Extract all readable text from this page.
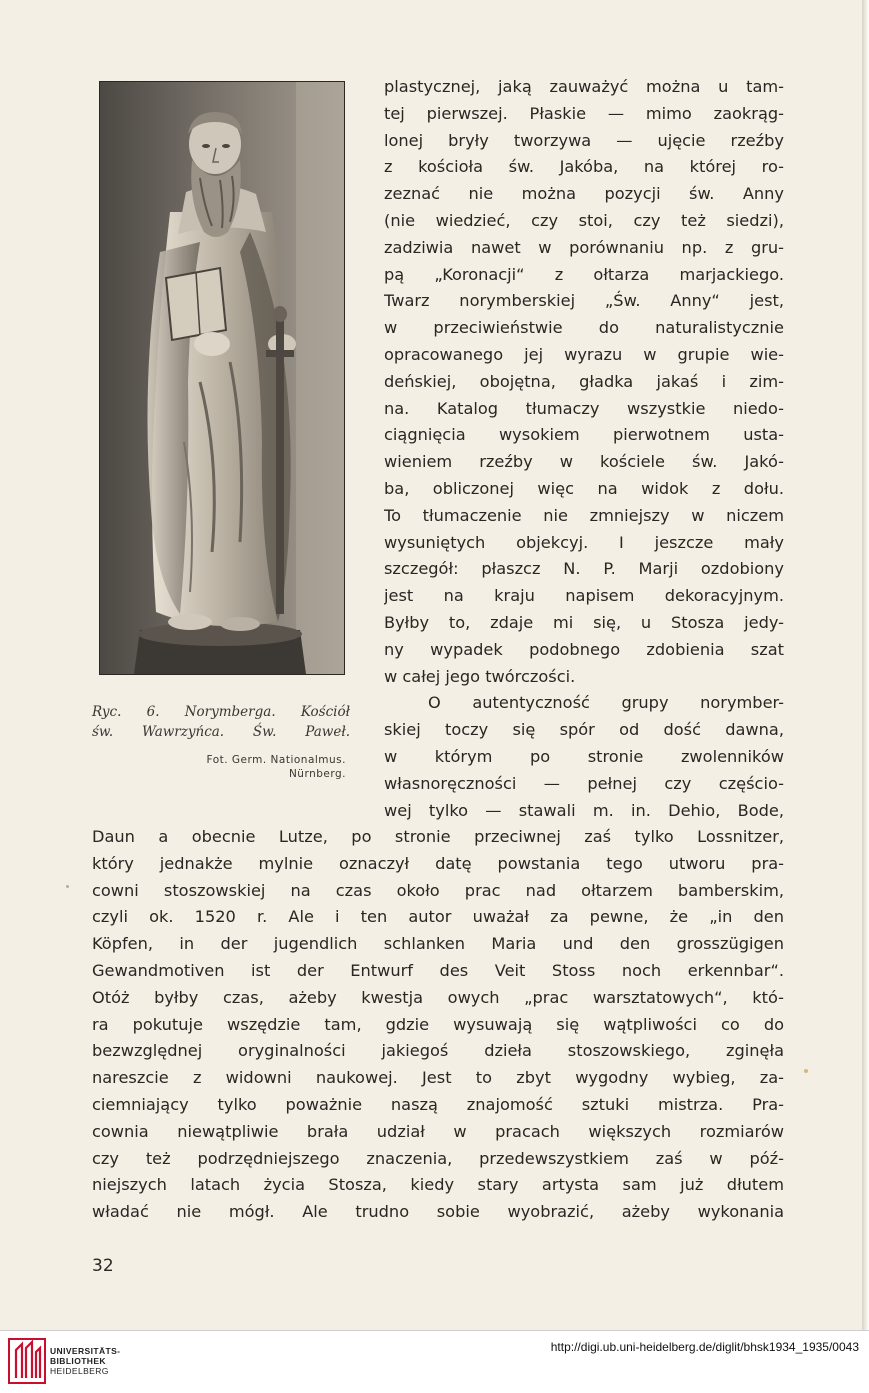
Ryc. 6. Norymberga. Kościół
św. Wawrzyńca. Św. Paweł.
Fot. Germ. Nationalmus.
Nürnberg.
plastycznej, jaką zauważyć można u tam-
tej pierwszej. Płaskie — mimo zaokrąg-
lonej bryły tworzywa — ujęcie rzeźby
z kościoła św. Jakóba, na której ro-
zeznać nie można pozycji św. Anny
(nie wiedzieć, czy stoi, czy też siedzi),
zadziwia nawet w porównaniu np. z gru-
pą „Koronacji“ z ołtarza marjackiego.
Twarz norymberskiej „Św. Anny“ jest,
w przeciwieństwie do naturalistycznie
opracowanego jej wyrazu w grupie wie-
deńskiej, obojętna, gładka jakaś i zim-
na. Katalog tłumaczy wszystkie niedo-
ciągnięcia wysokiem pierwotnem usta-
wieniem rzeźby w kościele św. Jakó-
ba, obliczonej więc na widok z dołu.
To tłumaczenie nie zmniejszy w niczem
wysuniętych objekcyj. I jeszcze mały
szczegół: płaszcz N. P. Marji ozdobiony
jest na kraju napisem dekoracyjnym.
Byłby to, zdaje mi się, u Stosza jedy-
ny wypadek podobnego zdobienia szat
w całej jego twórczości.
O autentyczność grupy norymber-
skiej toczy się spór od dość dawna,
w którym po stronie zwolenników
własnoręczności — pełnej czy częścio-
wej tylko — stawali m. in. Dehio, Bode,
Daun a obecnie Lutze, po stronie przeciwnej zaś tylko Lossnitzer,
który jednakże mylnie oznaczył datę powstania tego utworu pra-
cowni stoszowskiej na czas około prac nad ołtarzem bamberskim,
czyli ok. 1520 r. Ale i ten autor uważał za pewne, że „in den
Köpfen, in der jugendlich schlanken Maria und den grosszügigen
Gewandmotiven ist der Entwurf des Veit Stoss noch erkennbar“.
Otóż byłby czas, ażeby kwestja owych „prac warsztatowych“, któ-
ra pokutuje wszędzie tam, gdzie wysuwają się wątpliwości co do
bezwzględnej oryginalności jakiegoś dzieła stoszowskiego, zginęła
nareszcie z widowni naukowej. Jest to zbyt wygodny wybieg, za-
ciemniający tylko poważnie naszą znajomość sztuki mistrza. Pra-
cownia niewątpliwie brała udział w pracach większych rozmiarów
czy też podrzędniejszego znaczenia, przedewszystkiem zaś w póź-
niejszych latach życia Stosza, kiedy stary artysta sam już dłutem
władać nie mógł. Ale trudno sobie wyobrazić, ażeby wykonania
32
UNIVERSITÄTS-
BIBLIOTHEK
HEIDELBERG
http://digi.ub.uni-heidelberg.de/diglit/bhsk1934_1935/0043
